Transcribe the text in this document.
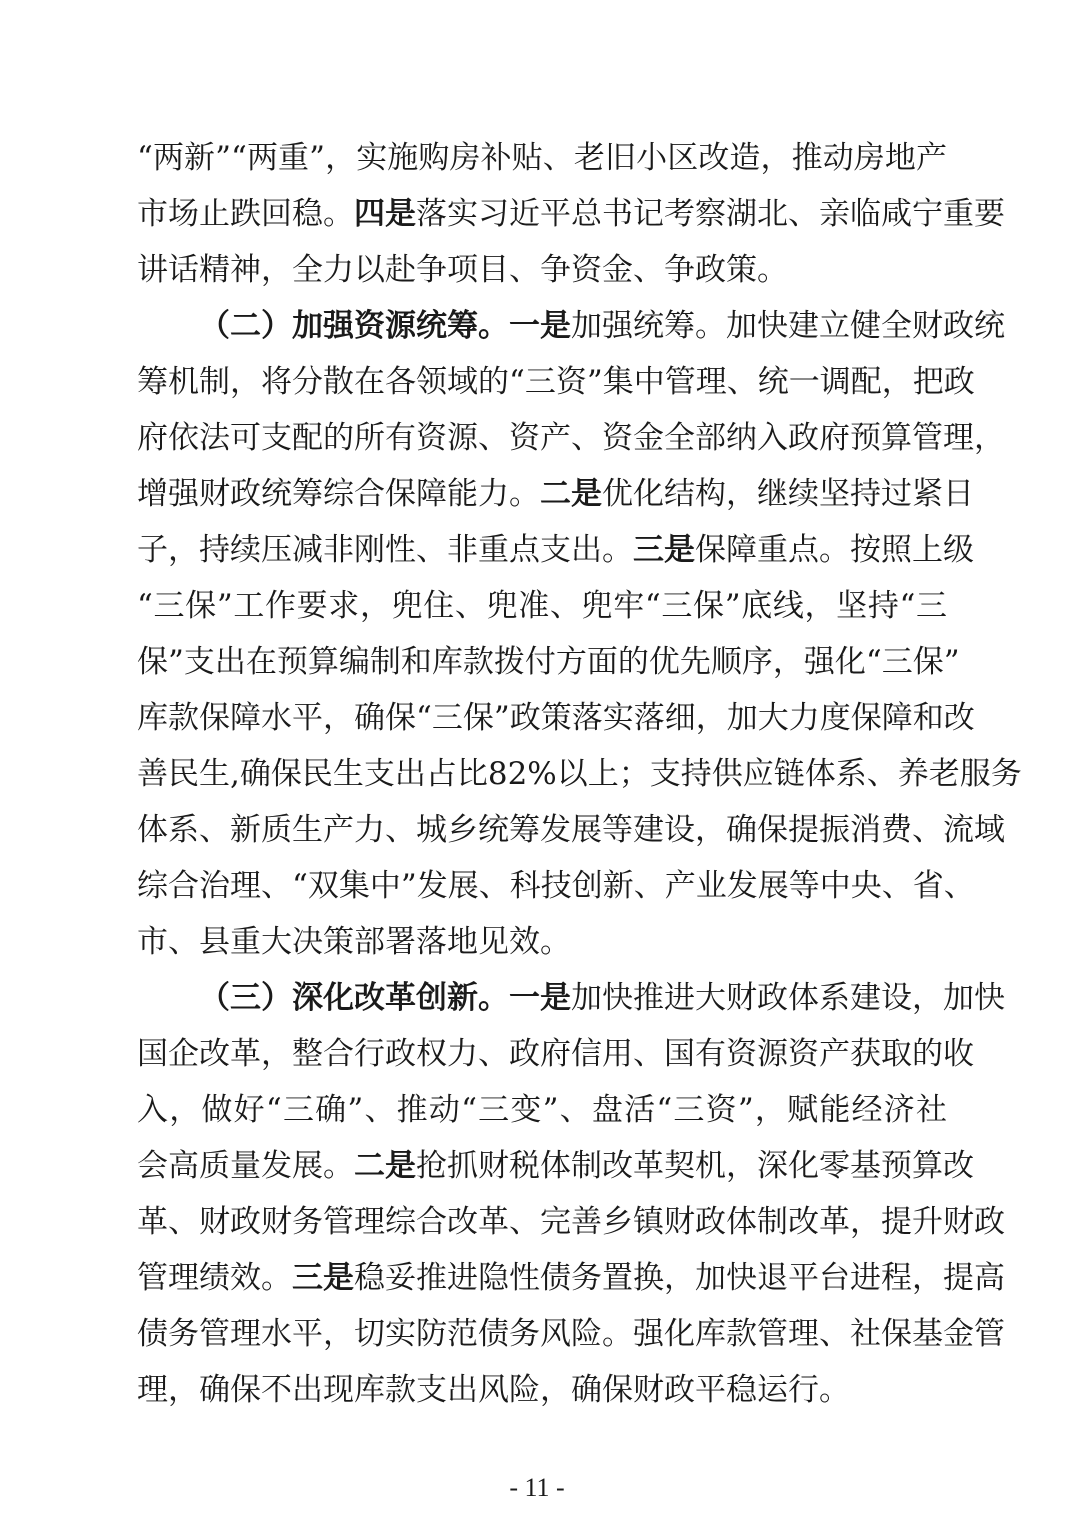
“两新”“两重”，实施购房补贴、老旧小区改造，推动房地产
市场止跌回稳。四是落实习近平总书记考察湖北、亲临咸宁重要
讲话精神，全力以赴争项目、争资金、争政策。
（二）加强资源统筹。一是加强统筹。加快建立健全财政统
筹机制，将分散在各领域的“三资”集中管理、统一调配，把政
府依法可支配的所有资源、资产、资金全部纳入政府预算管理，
增强财政统筹综合保障能力。二是优化结构，继续坚持过紧日
子，持续压减非刚性、非重点支出。三是保障重点。按照上级
“三保”工作要求，兜住、兜准、兜牢“三保”底线，坚持“三
保”支出在预算编制和库款拨付方面的优先顺序，强化“三保”
库款保障水平，确保“三保”政策落实落细，加大力度保障和改
善民生,确保民生支出占比82%以上；支持供应链体系、养老服务
体系、新质生产力、城乡统筹发展等建设，确保提振消费、流域
综合治理、“双集中”发展、科技创新、产业发展等中央、省、
市、县重大决策部署落地见效。
（三）深化改革创新。一是加快推进大财政体系建设，加快
国企改革，整合行政权力、政府信用、国有资源资产获取的收
入，做好“三确”、推动“三变”、盘活“三资”，赋能经济社
会高质量发展。二是抢抓财税体制改革契机，深化零基预算改
革、财政财务管理综合改革、完善乡镇财政体制改革，提升财政
管理绩效。三是稳妥推进隐性债务置换，加快退平台进程，提高
债务管理水平，切实防范债务风险。强化库款管理、社保基金管
理，确保不出现库款支出风险，确保财政平稳运行。
- 11 -
